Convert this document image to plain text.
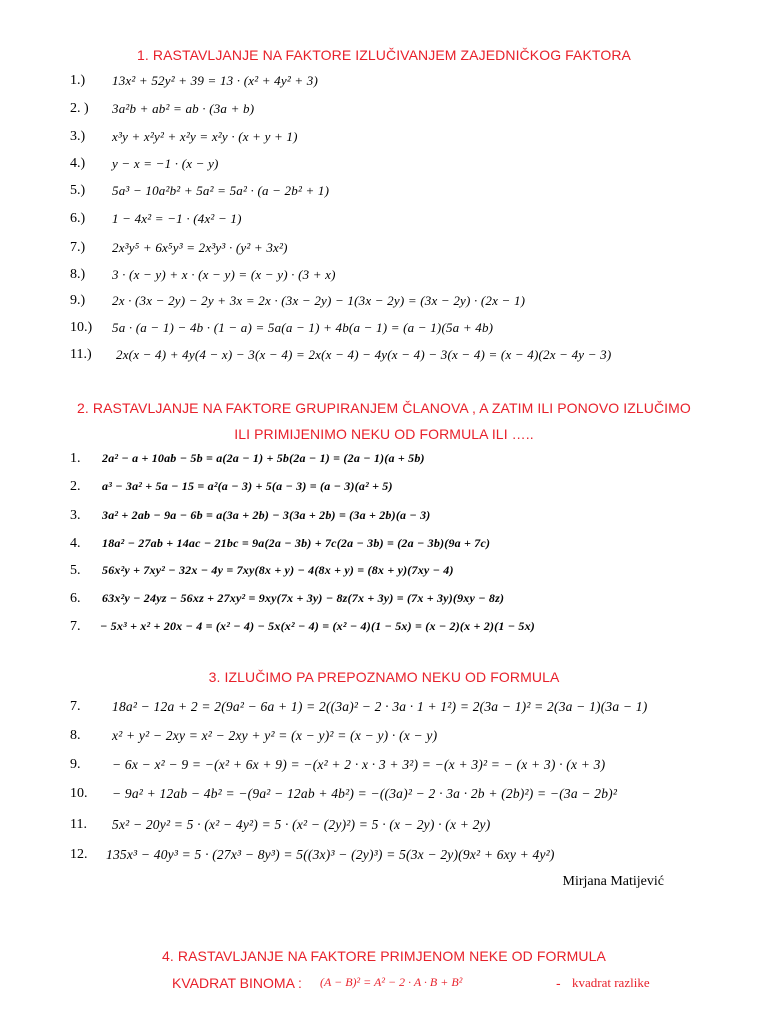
1. RASTAVLJANJE NA FAKTORE IZLUČIVANJEM ZAJEDNIČKOG FAKTORA
1.) 13x² + 52y² + 39 = 13 · (x² + 4y² + 3)
2. ) 3a²b + ab² = ab · (3a + b)
3.) x³y + x²y² + x²y = x²y · (x + y + 1)
4.) y − x = −1 · (x − y)
5.) 5a³ − 10a²b² + 5a² = 5a² · (a − 2b² + 1)
6.) 1 − 4x² = −1 · (4x² − 1)
7.) 2x³y⁵ + 6x⁵y³ = 2x³y³ · (y² + 3x²)
8.) 3 · (x − y) + x · (x − y) = (x − y) · (3 + x)
9.) 2x · (3x − 2y) − 2y + 3x = 2x · (3x − 2y) − 1(3x − 2y) = (3x − 2y) · (2x − 1)
10.) 5a · (a − 1) − 4b · (1 − a) = 5a(a − 1) + 4b(a − 1) = (a − 1)(5a + 4b)
11.) 2x(x − 4) + 4y(4 − x) − 3(x − 4) = 2x(x − 4) − 4y(x − 4) − 3(x − 4) = (x − 4)(2x − 4y − 3)
2. RASTAVLJANJE NA FAKTORE GRUPIRANJEM ČLANOVA , A ZATIM ILI PONOVO IZLUČIMO
ILI PRIMIJENIMO NEKU OD FORMULA ILI …..
1. 2a² − a + 10ab − 5b = a(2a − 1) + 5b(2a − 1) = (2a − 1)(a + 5b)
2. a³ − 3a² + 5a − 15 = a²(a − 3) + 5(a − 3) = (a − 3)(a² + 5)
3. 3a² + 2ab − 9a − 6b = a(3a + 2b) − 3(3a + 2b) = (3a + 2b)(a − 3)
4. 18a² − 27ab + 14ac − 21bc = 9a(2a − 3b) + 7c(2a − 3b) = (2a − 3b)(9a + 7c)
5. 56x²y + 7xy² − 32x − 4y = 7xy(8x + y) − 4(8x + y) = (8x + y)(7xy − 4)
6. 63x²y − 24yz − 56xz + 27xy² = 9xy(7x + 3y) − 8z(7x + 3y) = (7x + 3y)(9xy − 8z)
7. − 5x³ + x² + 20x − 4 = (x² − 4) − 5x(x² − 4) = (x² − 4)(1 − 5x) = (x − 2)(x + 2)(1 − 5x)
3. IZLUČIMO PA PREPOZNAMO NEKU OD FORMULA
7. 18a² − 12a + 2 = 2(9a² − 6a + 1) = 2((3a)² − 2 · 3a · 1 + 1²) = 2(3a − 1)² = 2(3a − 1)(3a − 1)
8. x² + y² − 2xy = x² − 2xy + y² = (x − y)² = (x − y) · (x − y)
9. − 6x − x² − 9 = −(x² + 6x + 9) = −(x² + 2 · x · 3 + 3²) = −(x + 3)² = − (x + 3) · (x + 3)
10. − 9a² + 12ab − 4b² = −(9a² − 12ab + 4b²) = −((3a)² − 2 · 3a · 2b + (2b)²) = −(3a − 2b)²
11. 5x² − 20y² = 5 · (x² − 4y²) = 5 · (x² − (2y)²) = 5 · (x − 2y) · (x + 2y)
12. 135x³ − 40y³ = 5 · (27x³ − 8y³) = 5((3x)³ − (2y)³) = 5(3x − 2y)(9x² + 6xy + 4y²)
Mirjana Matijević
4. RASTAVLJANJE NA FAKTORE PRIMJENOM NEKE OD FORMULA
KVADRAT BINOMA : (A − B)² = A² − 2 · A · B + B²	- kvadrat razlike
